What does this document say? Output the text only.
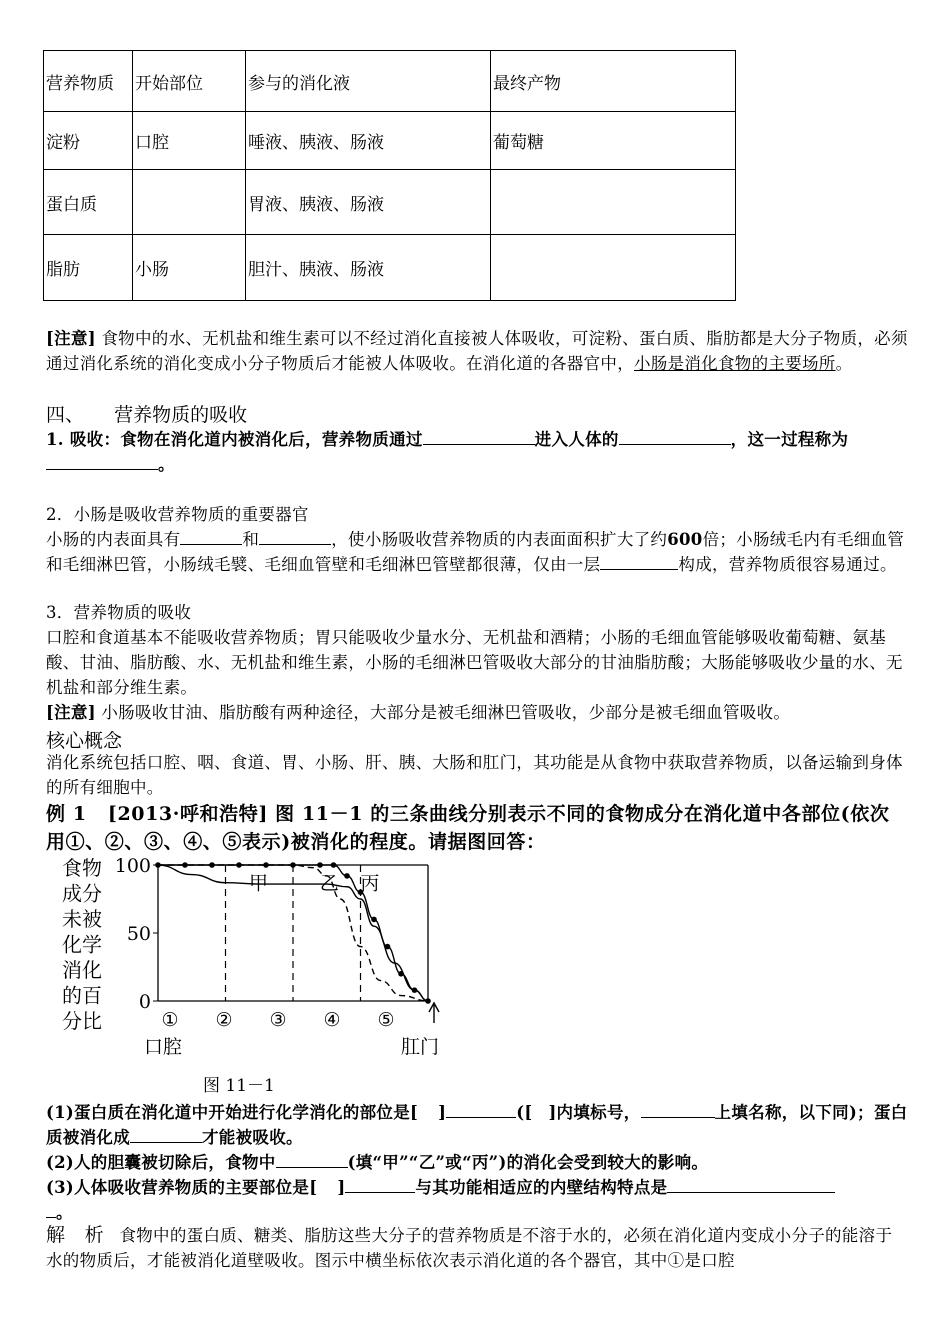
营养物质	开始部位	参与的消化液	最终产物
淀粉	口腔	唾液、胰液、肠液	葡萄糖
蛋白质		胃液、胰液、肠液	
脂肪	小肠	胆汁、胰液、肠液	
[注意] 食物中的水、无机盐和维生素可以不经过消化直接被人体吸收，可淀粉、蛋白质、脂肪都是大分子物质，必须通过消化系统的消化变成小分子物质后才能被人体吸收。在消化道的各器官中，小肠是消化食物的主要场所。
四、 营养物质的吸收
1. 吸收：食物在消化道内被消化后，营养物质通过	进入人体的	，这一过程称为
。
2．小肠是吸收营养物质的重要器官
小肠的内表面具有	和	，使小肠吸收营养物质的内表面面积扩大了约600倍；小肠绒毛内有毛细血管和毛细淋巴管，小肠绒毛襞、毛细血管壁和毛细淋巴管壁都很薄，仅由一层	构成，营养物质很容易通过。
3．营养物质的吸收
口腔和食道基本不能吸收营养物质；胃只能吸收少量水分、无机盐和酒精；小肠的毛细血管能够吸收葡萄糖、氨基酸、甘油、脂肪酸、水、无机盐和维生素，小肠的毛细淋巴管吸收大部分的甘油脂肪酸；大肠能够吸收少量的水、无机盐和部分维生素。
[注意] 小肠吸收甘油、脂肪酸有两种途径，大部分是被毛细淋巴管吸收，少部分是被毛细血管吸收。
核心概念
消化系统包括口腔、咽、食道、胃、小肠、肝、胰、大肠和肛门，其功能是从食物中获取营养物质，以备运输到身体的所有细胞中。
例 1 [2013·呼和浩特] 图 11－1 的三条曲线分别表示不同的食物成分在消化道中各部位(依次用①、②、③、④、⑤表示)被消化的程度。请据图回答：
食物
成分
未被
化学
消化
的百
分比
0
50
100
甲	乙 丙
① ② ③ ④ ⑤
口腔	肛门
图 11－1
(1)蛋白质在消化道中开始进行化学消化的部位是[ ]	([ ]内填标号，	上填名称，以下同)；蛋白质被消化成	才能被吸收。
(2)人的胆囊被切除后，食物中	(填“甲”“乙”或“丙”)的消化会受到较大的影响。
(3)人体吸收营养物质的主要部位是[ ]	与其功能相适应的内壁结构特点是
。
解　析 食物中的蛋白质、糖类、脂肪这些大分子的营养物质是不溶于水的，必须在消化道内变成小分子的能溶于水的物质后，才能被消化道壁吸收。图示中横坐标依次表示消化道的各个器官，其中①是口腔
